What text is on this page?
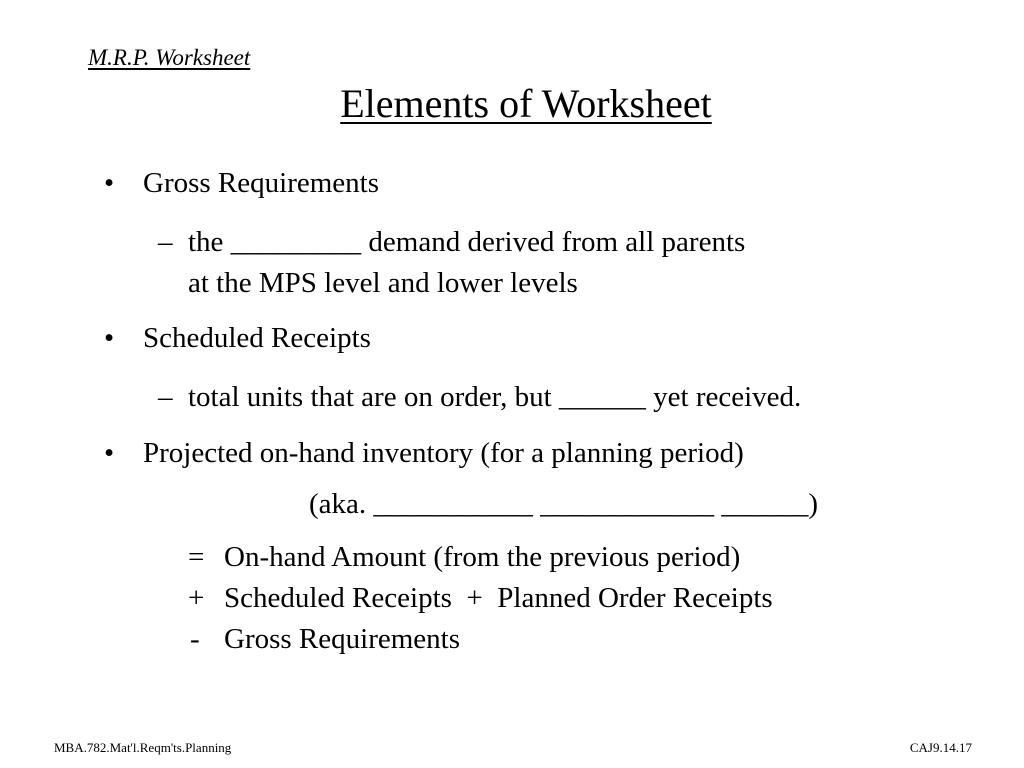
M.R.P. Worksheet
Elements of Worksheet
• Gross Requirements
– the _________ demand derived from all parents
at the MPS level and lower levels
• Scheduled Receipts
– total units that are on order, but ______ yet received.
• Projected on-hand inventory (for a planning period)
(aka. ___________ ____________ ______)
= On-hand Amount (from the previous period)
+ Scheduled Receipts  +  Planned Order Receipts
- Gross Requirements
MBA.782.Mat'l.Reqm'ts.Planning	CAJ9.14.17
